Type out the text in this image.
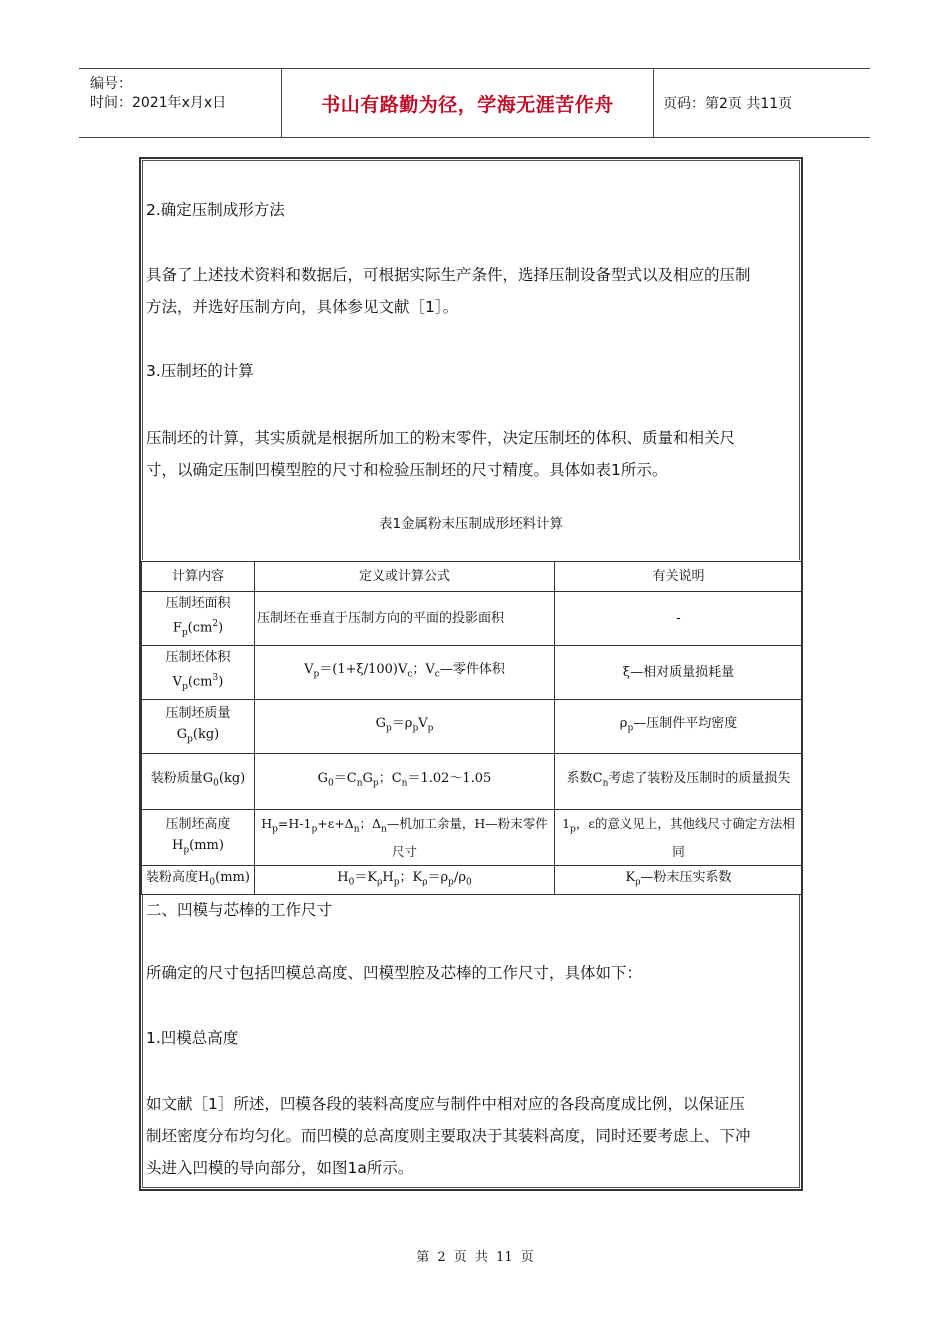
编号：
时间：2021年x月x日	书山有路勤为径，学海无涯苦作舟	页码：第2页 共11页
2.确定压制成形方法
具备了上述技术资料和数据后，可根据实际生产条件，选择压制设备型式以及相应的压制
方法，并选好压制方向，具体参见文献［1］。
3.压制坯的计算
压制坯的计算，其实质就是根据所加工的粉末零件，决定压制坯的体积、质量和相关尺
寸，以确定压制凹模型腔的尺寸和检验压制坯的尺寸精度。具体如表1所示。
表1金属粉末压制成形坯料计算
计算内容	定义或计算公式	有关说明

压制坯面积
$F_p(cm^2)$	压制坯在垂直于压制方向的平面的投影面积	-

压制坯体积
$V_p(cm^3)$	$V_p=(1+\xi/100)V_c$；$V_c—$零件体积	ξ—相对质量损耗量

压制坯质量
$G_p(kg)$	$G_p=\rho_pV_p$	$\rho_p—$压制件平均密度
装粉质量$G_0(kg)$	$G_0=C_nG_p$；$C_n=1.02\sim 1.05$	系数$C_n$考虑了装粉及压制时的质量损失

压制坯高度
$H_p(mm)$	$H_p=H-1_p+\varepsilon+\Delta_n$；$\Delta_n—$机加工余量，H—粉末零件尺寸	$1_p$，ε的意义见上，其他线尺寸确定方法相同
装粉高度$H_0(mm)$	$H_0=K_\rho H_p$；$K_\rho=\rho_p/\rho_0$	$K_\rho—$粉末压实系数
二、凹模与芯棒的工作尺寸
所确定的尺寸包括凹模总高度、凹模型腔及芯棒的工作尺寸，具体如下：
1.凹模总高度
如文献［1］所述，凹模各段的装料高度应与制件中相对应的各段高度成比例，以保证压
制坯密度分布均匀化。而凹模的总高度则主要取决于其装料高度，同时还要考虑上、下冲
头进入凹模的导向部分，如图1a所示。
第 2 页 共 11 页
